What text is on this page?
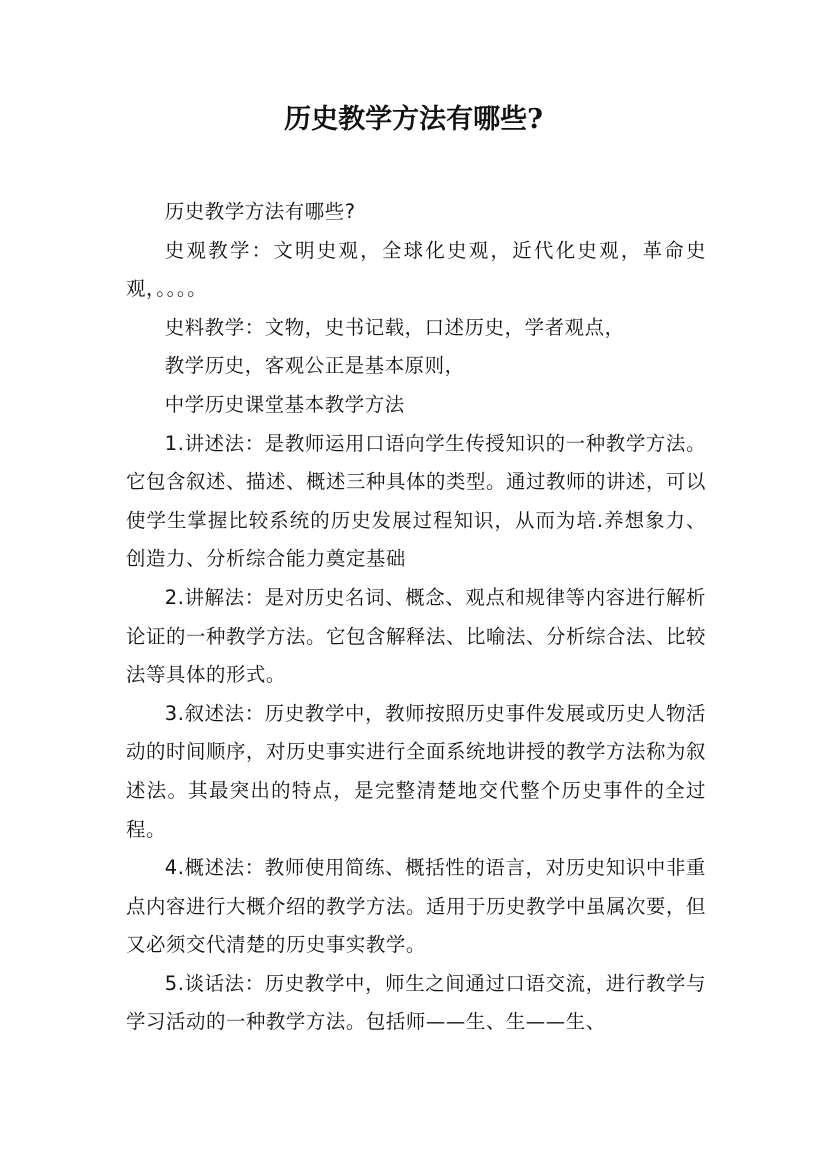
历史教学方法有哪些?

历史教学方法有哪些?

史观教学：文明史观，全球化史观，近代化史观，革命史观，。。。。

史料教学：文物，史书记载，口述历史，学者观点，

教学历史，客观公正是基本原则，

中学历史课堂基本教学方法

1.讲述法：是教师运用口语向学生传授知识的一种教学方法。它包含叙述、描述、概述三种具体的类型。通过教师的讲述，可以使学生掌握比较系统的历史发展过程知识，从而为培.养想象力、创造力、分析综合能力奠定基础

2.讲解法：是对历史名词、概念、观点和规律等内容进行解析论证的一种教学方法。它包含解释法、比喻法、分析综合法、比较法等具体的形式。

3.叙述法：历史教学中，教师按照历史事件发展或历史人物活动的时间顺序，对历史事实进行全面系统地讲授的教学方法称为叙述法。其最突出的特点，是完整清楚地交代整个历史事件的全过程。

4.概述法：教师使用简练、概括性的语言，对历史知识中非重点内容进行大概介绍的教学方法。适用于历史教学中虽属次要，但又必须交代清楚的历史事实教学。

5.谈话法：历史教学中，师生之间通过口语交流，进行教学与学习活动的一种教学方法。包括师——生、生——生、
